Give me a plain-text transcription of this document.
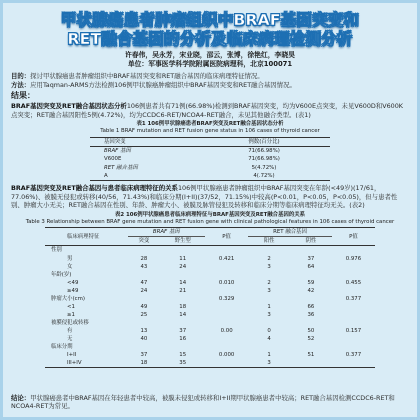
甲状腺癌患者肿瘤组织中BRAF基因突变和
RET融合基因的分析及临床病理检测分析
许春伟，吴永芳，宋业晓，邵云，张博，徐艳红，李晓昊
单位：军事医学科学院附属医院病理科，北京100071
目的：探讨甲状腺癌患者肿瘤组织中BRAF基因突变和RET融合基因的临床病理特征情况。
方法：应用Taqman-ARMS方法检测106例甲状腺癌肿瘤组织中BRAF基因突变和RET融合基因情况。
结果：
BRAF基因突变及RET融合基因状态分析106例患者共有71例(66.98%)检测到BRAF基因突变，均为V600E点突变，未见V600D和V600K点突变；RET融合基因阳性5例(4.72%)，均为CCDC6-RET/NCOA4-RET融合，未见其他融合类型。(表1)
表1 106例甲状腺癌患者BRAF突变及RET融合基因状态分析
Table 1 BRAF mutation and RET fusion gene status in 106 cases of thyroid cancer
基因突变	例数(百分比)
BRAF 基因	71(66.98%)
V600E	71(66.98%)
RET 融合基因	5(4.72%)
A	4(.72%)
BRAF基因突变及RET融合基因与患者临床病理特征的关系106例甲状腺癌患者肿瘤组织中BRAF基因突变在年龄(<49岁)(17/61，77.06%)、被膜无侵犯或转移(40/56，71.43%)和临床分期(I+II)(37/52，71.15%)中较高(P<0.01，P<0.05，P<0.05)，但与患者性别、肿瘤大小无关；RET融合基因在性别、年龄、肿瘤大小、被膜及脉管侵犯及转移和临床分期等临床病理特征均无关。(表2)
表2 106例甲状腺癌患者临床病理特征与BRAF基因突变及RET融合基因的关系
Table 3 Relationship between BRAF gene mutation and RET fusion gene with clinical pathological features in 106 cases of thyroid cancer
临床病理特征	BRAF 基因		P值	RET 融合基因		P值
	突变	野生型		阳性	阴性	
性别						
男	28	11	0.421	2	37	0.976
女	43	24		3	64	
年龄(岁)						
<49	47	14	0.010	2	59	0.455
≥49	24	21		3	42	
肿瘤大小(cm)			0.329			0.377
<1	49	18		1	66	
≥1	25	14		3	36	
被膜侵犯或转移						
有	13	37	0.00	0	50	0.157
无	40	16		4	52	
临床分期						
I+II	37	15	0.000	1	51	0.377
III+IV	18	35		3		
结论：甲状腺癌患者中BRAF基因在年轻患者中较高，被膜未侵犯或转移和I+II期甲状腺癌患者中较高；RET融合基因检测CCDC6-RET和NCOA4-RET为常见。
